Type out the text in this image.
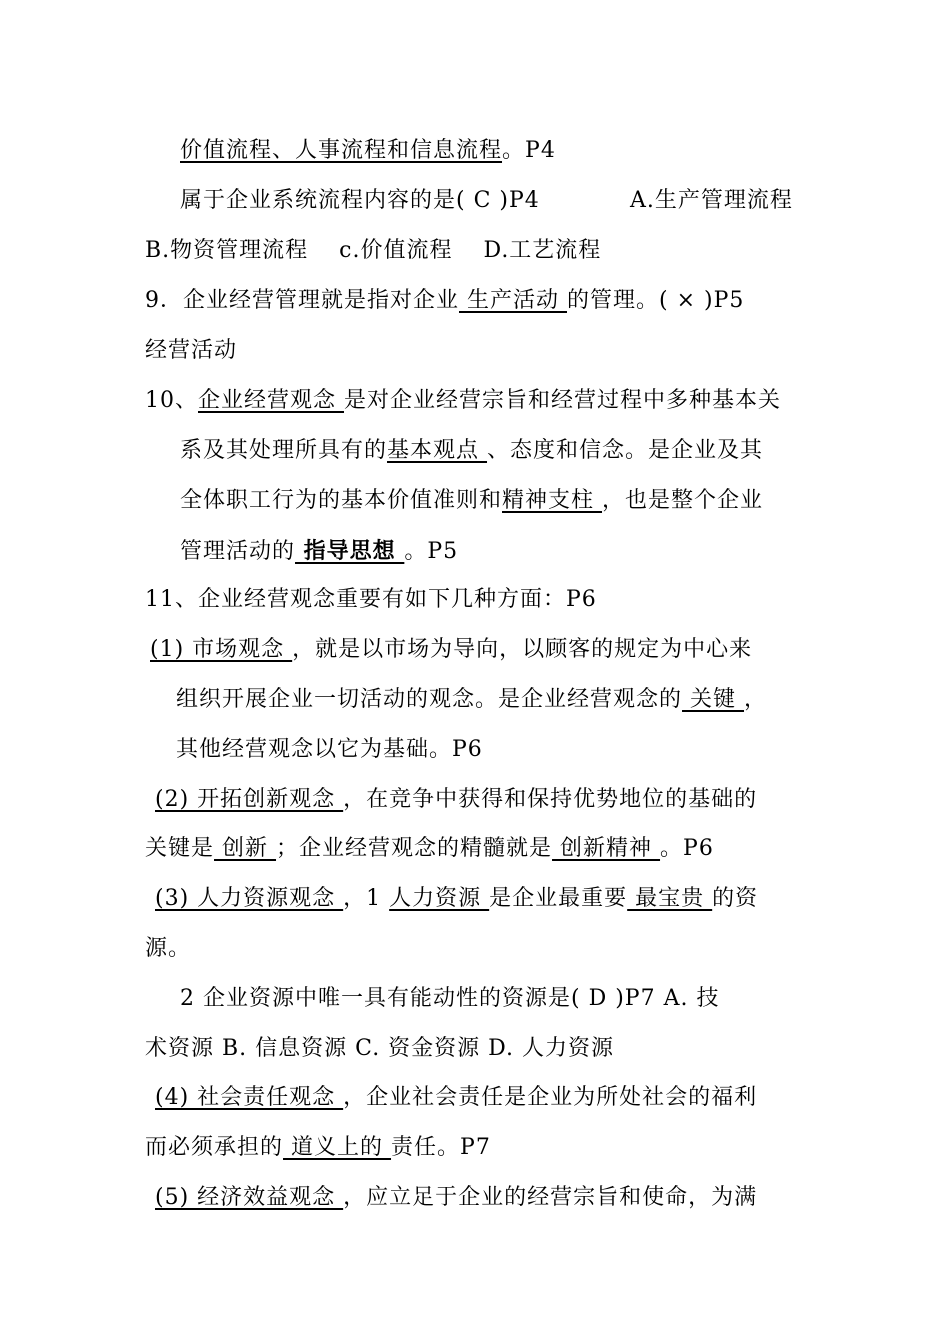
价值流程、人事流程和信息流程。P4
属于企业系统流程内容的是( C )P4	A.生产管理流程
B.物资管理流程　 c.价值流程　 D.工艺流程
9．企业经营管理就是指对企业 生产活动 的管理。( × )P5
经营活动
10、企业经营观念 是对企业经营宗旨和经营过程中多种基本关
系及其处理所具有的基本观点 、态度和信念。是企业及其
全体职工行为的基本价值准则和精神支柱 ，也是整个企业
管理活动的 指导思想 。P5
11、企业经营观念重要有如下几种方面：P6
(1) 市场观念 ，就是以市场为导向，以顾客的规定为中心来
组织开展企业一切活动的观念。是企业经营观念的 关键 ，
其他经营观念以它为基础。P6
(2) 开拓创新观念 ，在竞争中获得和保持优势地位的基础的
关键是 创新 ；企业经营观念的精髓就是 创新精神 。P6
(3) 人力资源观念 ，1 人力资源 是企业最重要 最宝贵 的资
源。
2 企业资源中唯一具有能动性的资源是( D )P7 A. 技
术资源 B. 信息资源 C. 资金资源 D. 人力资源
(4) 社会责任观念 ，企业社会责任是企业为所处社会的福利
而必须承担的 道义上的 责任。P7
(5) 经济效益观念 ，应立足于企业的经营宗旨和使命，为满
